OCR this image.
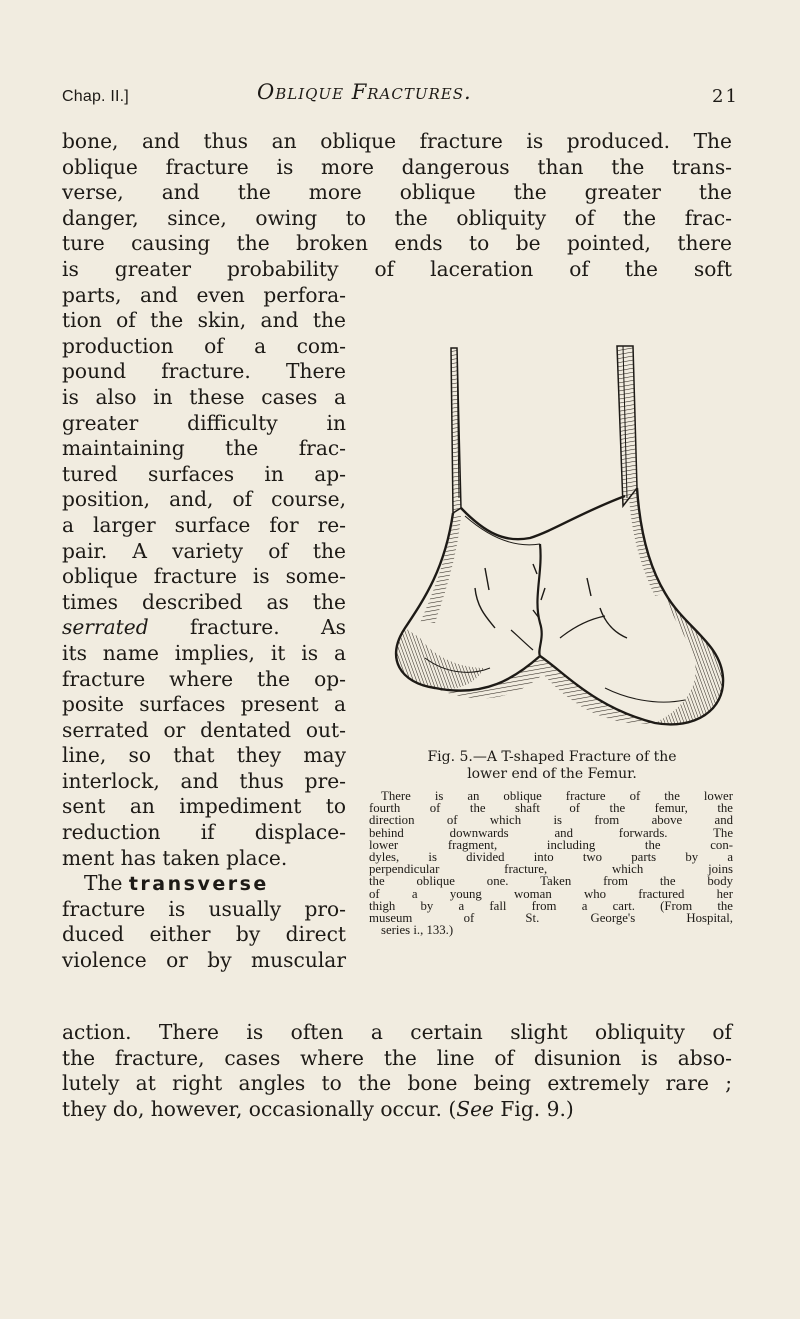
Chap. II.]	Oblique Fractures.	21
bone, and thus an oblique fracture is produced. The
oblique fracture is more dangerous than the trans-
verse, and the more oblique the greater the
danger, since, owing to the obliquity of the frac-
ture causing the broken ends to be pointed, there
is greater probability of laceration of the soft
parts, and even perfora-
tion of the skin, and the
production of a com-
pound fracture. There
is also in these cases a
greater difficulty in
maintaining the frac-
tured surfaces in ap-
position, and, of course,
a larger surface for re-
pair. A variety of the
oblique fracture is some-
times described as the
serrated fracture. As
its name implies, it is a
fracture where the op-
posite surfaces present a
serrated or dentated out-
line, so that they may
interlock, and thus pre-
sent an impediment to
reduction if displace-
ment has taken place.
The transverse
fracture is usually pro-
duced either by direct
violence or by muscular
action. There is often a certain slight obliquity of
the fracture, cases where the line of disunion is abso-
lutely at right angles to the bone being extremely rare ;
they do, however, occasionally occur. (See Fig. 9.)
Fig. 5.—A T-shaped Fracture of the
lower end of the Femur.
There is an oblique fracture of the lower
fourth of the shaft of the femur, the
direction of which is from above and
behind downwards and forwards. The
lower fragment, including the con-
dyles, is divided into two parts by a
perpendicular fracture, which joins
the oblique one. Taken from the body
of a young woman who fractured her
thigh by a fall from a cart. (From the
museum of St. George's Hospital,
series i., 133.)
